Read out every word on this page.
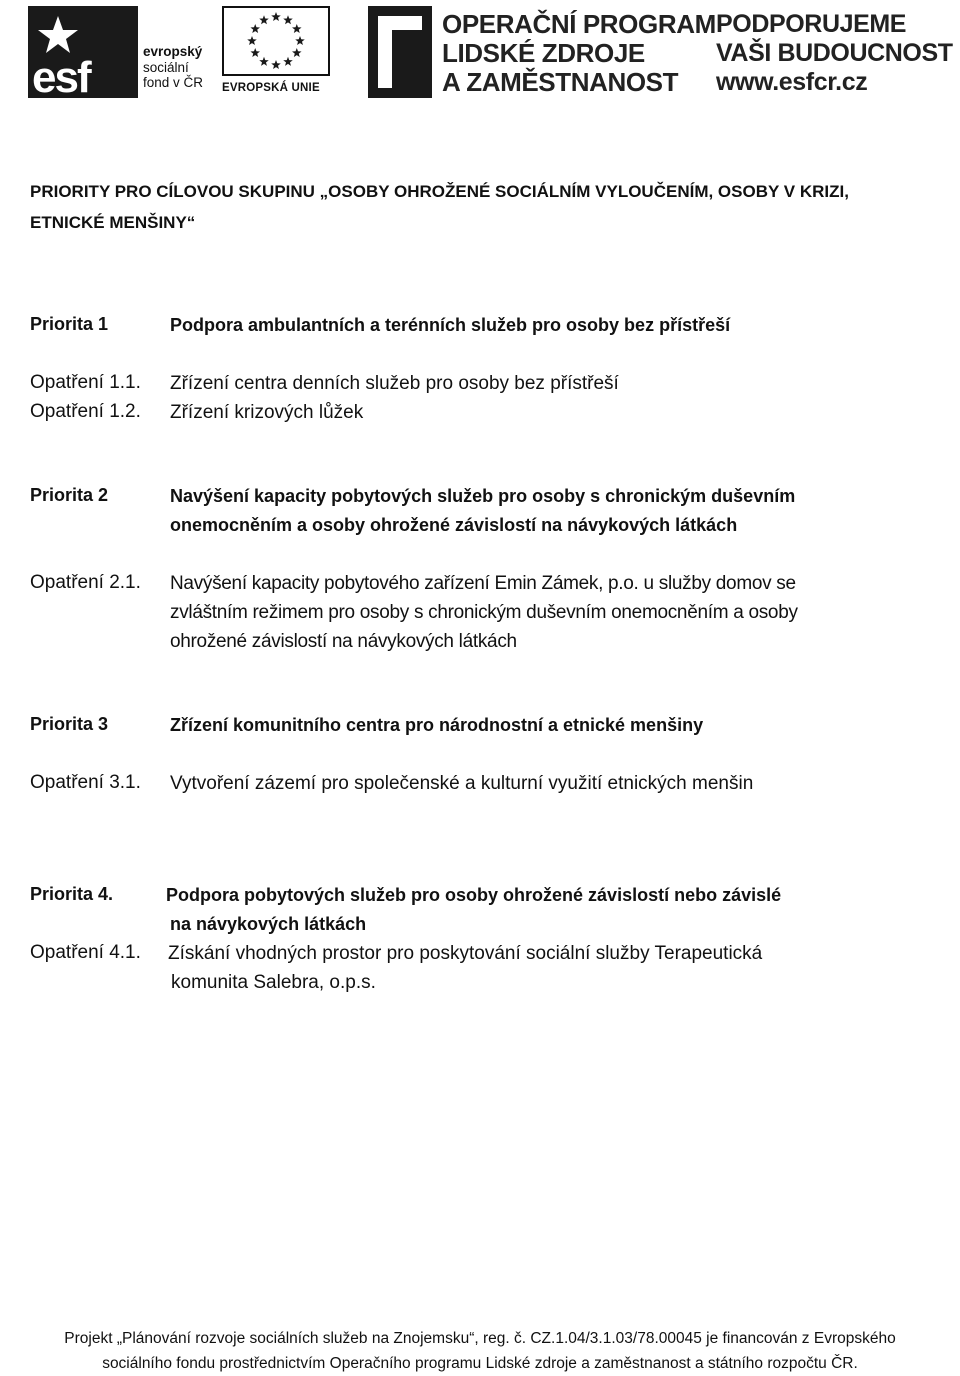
esf
evropský
sociální
fond v ČR EVROPSKÁ UNIE
OPERAČNÍ PROGRAM
LIDSKÉ ZDROJE
A ZAMĚSTNANOST
PODPORUJEME
VAŠI BUDOUCNOST
www.esfcr.cz
PRIORITY PRO CÍLOVOU SKUPINU „OSOBY OHROŽENÉ SOCIÁLNÍM VYLOUČENÍM, OSOBY V KRIZI,
ETNICKÉ MENŠINY“
Priorita 1	Podpora ambulantních a terénních služeb pro osoby bez přístřeší
Opatření 1.1. Zřízení centra denních služeb pro osoby bez přístřeší
Opatření 1.2. Zřízení krizových lůžek
Priorita 2	Navýšení kapacity pobytových služeb pro osoby s chronickým duševním
onemocněním a osoby ohrožené závislostí na návykových látkách
Opatření 2.1. Navýšení kapacity pobytového zařízení Emin Zámek, p.o. u služby domov se
zvláštním režimem pro osoby s chronickým duševním onemocněním a osoby
ohrožené závislostí na návykových látkách
Priorita 3	Zřízení komunitního centra pro národnostní a etnické menšiny
Opatření 3.1. Vytvoření zázemí pro společenské a kulturní využití etnických menšin
Priorita 4.	Podpora pobytových služeb pro osoby ohrožené závislostí nebo závislé
na návykových látkách
Opatření 4.1. Získání vhodných prostor pro poskytování sociální služby Terapeutická
komunita Salebra, o.p.s.
Projekt „Plánování rozvoje sociálních služeb na Znojemsku“, reg. č. CZ.1.04/3.1.03/78.00045 je financován z Evropského
sociálního fondu prostřednictvím Operačního programu Lidské zdroje a zaměstnanost a státního rozpočtu ČR.
